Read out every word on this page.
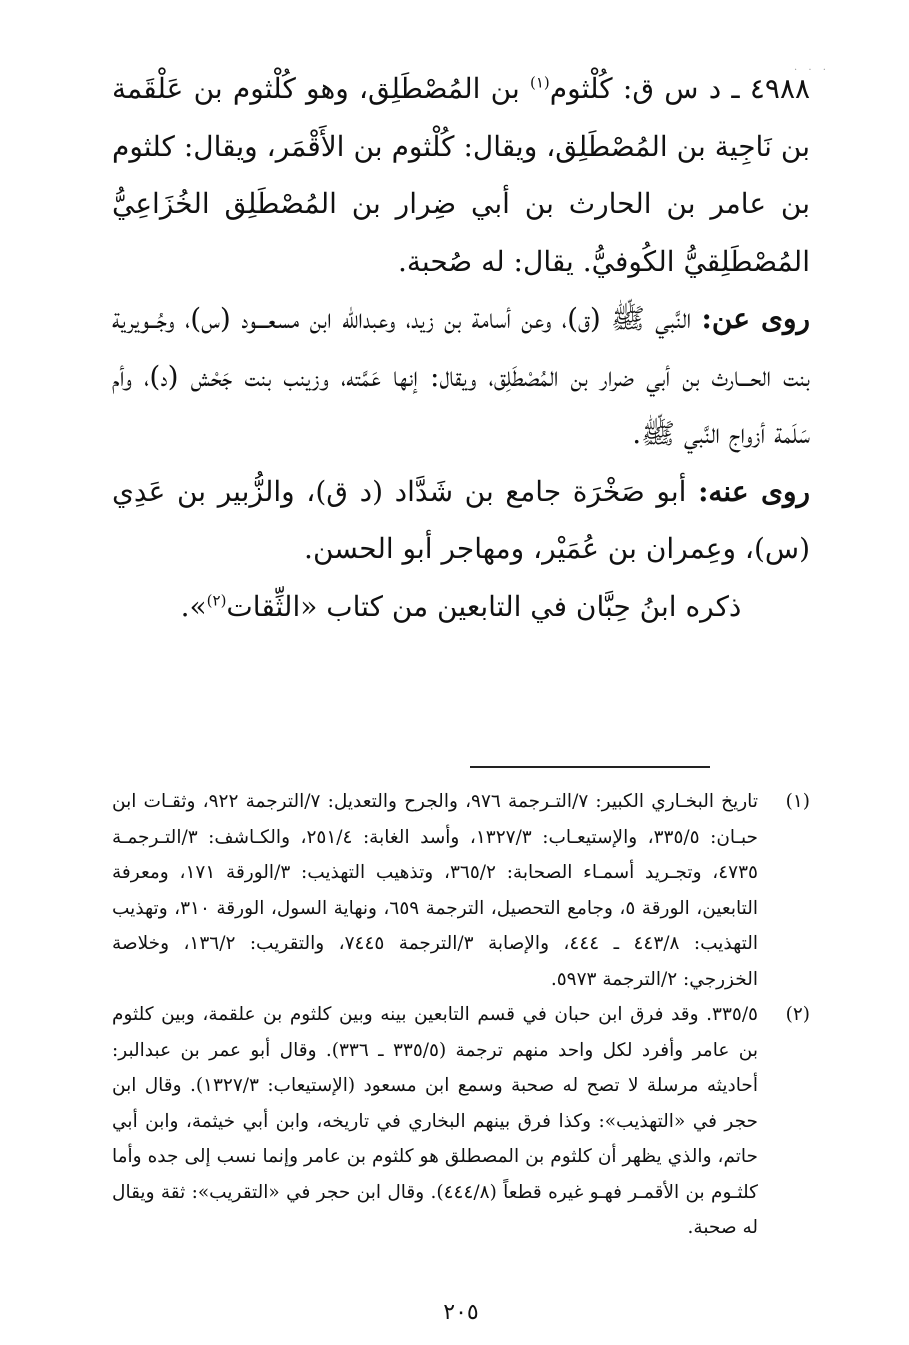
. . .

٤٩٨٨ ـ د س ق: كُلْثوم$^{(١)}$ بن المُصْطَلِق، وهو كُلْثوم بن عَلْقَمة بن نَاجِية بن المُصْطَلِق، ويقال: كُلْثوم بن الأَقْمَر، ويقال: كلثوم بن عامر بن الحارث بن أبي ضِرار بن المُصْطَلِق الخُزَاعِيُّ المُصْطَلِقيُّ الكُوفيُّ. يقال: له صُحبة.

روى عن: النَّبي ﷺ (ق)، وعن أسامة بن زيد، وعبدالله ابن مسعـــود (س)، وجُــويرية بنت الحـــارث بن أبي ضرار بن المُصْطَلِق، ويقال: إنها عَمَّته، وزينب بنت جَحْش (د)، وأم سَلَمة أزواج النَّبي ﷺ.

روى عنه: أبو صَخْرَة جامع بن شَدَّاد (د ق)، والزُّبير بن عَدِي (س)، وعِمران بن عُمَيْر، ومهاجر أبو الحسن.

ذكره ابنُ حِبَّان في التابعين من كتاب «الثِّقات$^{(٢)}$».

(١)
تاريخ البخـاري الكبير: ٧/التـرجمة ٩٧٦، والجرح والتعديل: ٧/الترجمة ٩٢٢، وثقـات ابن حبـان: ٣٣٥/٥، والإستيعـاب: ١٣٢٧/٣، وأسد الغابة: ٢٥١/٤، والكـاشف: ٣/التـرجمـة ٤٧٣٥، وتجـريد أسمـاء الصحابة: ٣٦٥/٢، وتذهيب التهذيب: ٣/الورقة ١٧١، ومعرفة التابعين، الورقة ٥، وجامع التحصيل، الترجمة ٦٥٩، ونهاية السول، الورقة ٣١٠، وتهذيب التهذيب: ٤٤٣/٨ ـ ٤٤٤، والإصابة ٣/الترجمة ٧٤٤٥، والتقريب: ١٣٦/٢، وخلاصة الخزرجي: ٢/الترجمة ٥٩٧٣.
(٢)
٣٣٥/٥. وقد فرق ابن حبان في قسم التابعين بينه وبين كلثوم بن علقمة، وبين كلثوم بن عامر وأفرد لكل واحد منهم ترجمة (٣٣٥/٥ ـ ٣٣٦). وقال أبو عمر بن عبدالبر: أحاديثه مرسلة لا تصح له صحبة وسمع ابن مسعود (الإستيعاب: ١٣٢٧/٣). وقال ابن حجر في «التهذيب»: وكذا فرق بينهم البخاري في تاريخه، وابن أبي خيثمة، وابن أبي حاتم، والذي يظهر أن كلثوم بن المصطلق هو كلثوم بن عامر وإنما نسب إلى جده وأما كلثـوم بن الأقمـر فهـو غيره قطعاً (٤٤٤/٨). وقال ابن حجر في «التقريب»: ثقة ويقال له صحبة.
٢٠٥
